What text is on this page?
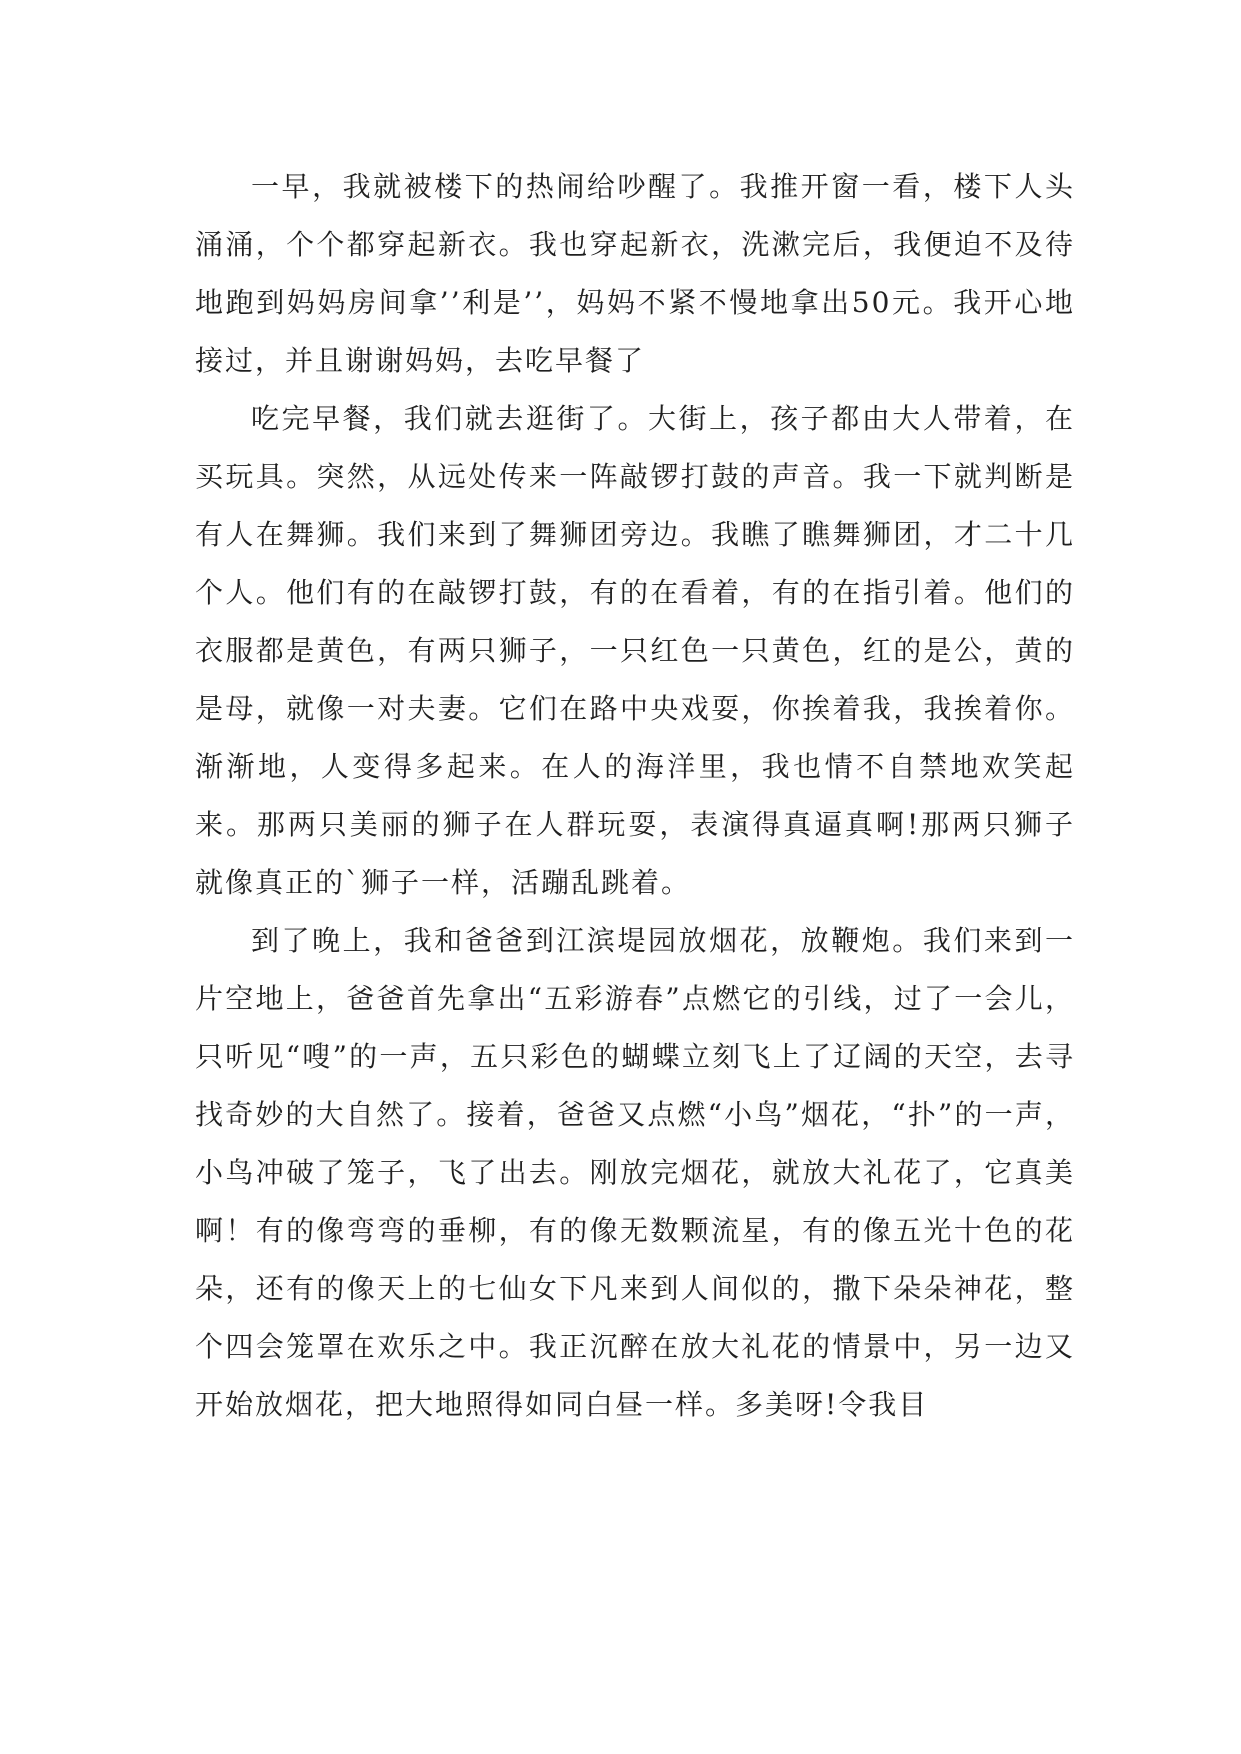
一早，我就被楼下的热闹给吵醒了。我推开窗一看，楼下人头涌涌，个个都穿起新衣。我也穿起新衣，洗漱完后，我便迫不及待地跑到妈妈房间拿’’利是’’，妈妈不紧不慢地拿出50元。我开心地接过，并且谢谢妈妈，去吃早餐了

吃完早餐，我们就去逛街了。大街上，孩子都由大人带着，在买玩具。突然，从远处传来一阵敲锣打鼓的声音。我一下就判断是有人在舞狮。我们来到了舞狮团旁边。我瞧了瞧舞狮团，才二十几个人。他们有的在敲锣打鼓，有的在看着，有的在指引着。他们的衣服都是黄色，有两只狮子，一只红色一只黄色，红的是公，黄的是母，就像一对夫妻。它们在路中央戏耍，你挨着我，我挨着你。渐渐地，人变得多起来。在人的海洋里，我也情不自禁地欢笑起来。那两只美丽的狮子在人群玩耍，表演得真逼真啊!那两只狮子就像真正的`狮子一样，活蹦乱跳着。

到了晚上，我和爸爸到江滨堤园放烟花，放鞭炮。我们来到一片空地上，爸爸首先拿出“五彩游春”点燃它的引线，过了一会儿，只听见“嗖”的一声，五只彩色的蝴蝶立刻飞上了辽阔的天空，去寻找奇妙的大自然了。接着，爸爸又点燃“小鸟”烟花，“扑”的一声，小鸟冲破了笼子，飞了出去。刚放完烟花，就放大礼花了，它真美啊！有的像弯弯的垂柳，有的像无数颗流星，有的像五光十色的花朵，还有的像天上的七仙女下凡来到人间似的，撒下朵朵神花，整个四会笼罩在欢乐之中。我正沉醉在放大礼花的情景中，另一边又开始放烟花，把大地照得如同白昼一样。多美呀!令我目
